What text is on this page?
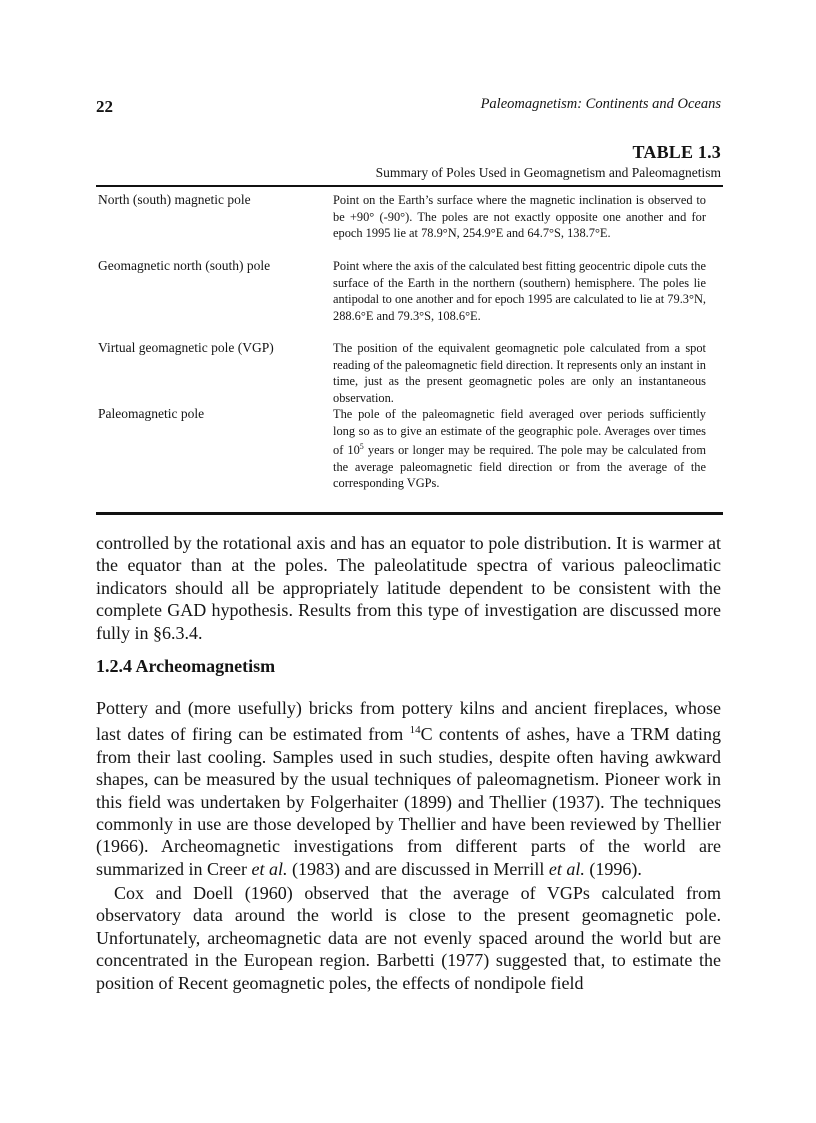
22	Paleomagnetism: Continents and Oceans
TABLE 1.3
Summary of Poles Used in Geomagnetism and Paleomagnetism
North (south) magnetic pole	Point on the Earth’s surface where the magnetic inclination is observed to be +90° (-90°). The poles are not exactly opposite one another and for epoch 1995 lie at 78.9°N, 254.9°E and 64.7°S, 138.7°E.
Geomagnetic north (south) pole	Point where the axis of the calculated best fitting geocentric dipole cuts the surface of the Earth in the northern (southern) hemisphere. The poles lie antipodal to one another and for epoch 1995 are calculated to lie at 79.3°N, 288.6°E and 79.3°S, 108.6°E.
Virtual geomagnetic pole (VGP)	The position of the equivalent geomagnetic pole calculated from a spot reading of the paleomagnetic field direction. It represents only an instant in time, just as the present geomagnetic poles are only an instantaneous observation.
Paleomagnetic pole	The pole of the paleomagnetic field averaged over periods sufficiently long so as to give an estimate of the geographic pole. Averages over times of $10^5$ years or longer may be required. The pole may be calculated from the average paleomagnetic field direction or from the average of the corresponding VGPs.

controlled by the rotational axis and has an equator to pole distribution. It is warmer at the equator than at the poles. The paleolatitude spectra of various paleoclimatic indicators should all be appropriately latitude dependent to be consistent with the complete GAD hypothesis. Results from this type of investigation are discussed more fully in §6.3.4.

1.2.4 Archeomagnetism

Pottery and (more usefully) bricks from pottery kilns and ancient fireplaces, whose last dates of firing can be estimated from $^{14}$C contents of ashes, have a TRM dating from their last cooling. Samples used in such studies, despite often having awkward shapes, can be measured by the usual techniques of paleomagnetism. Pioneer work in this field was undertaken by Folgerhaiter (1899) and Thellier (1937). The techniques commonly in use are those developed by Thellier and have been reviewed by Thellier (1966). Archeomagnetic investigations from different parts of the world are summarized in Creer et al. (1983) and are discussed in Merrill et al. (1996).

Cox and Doell (1960) observed that the average of VGPs calculated from observatory data around the world is close to the present geomagnetic pole. Unfortunately, archeomagnetic data are not evenly spaced around the world but are concentrated in the European region. Barbetti (1977) suggested that, to estimate the position of Recent geomagnetic poles, the effects of nondipole field
